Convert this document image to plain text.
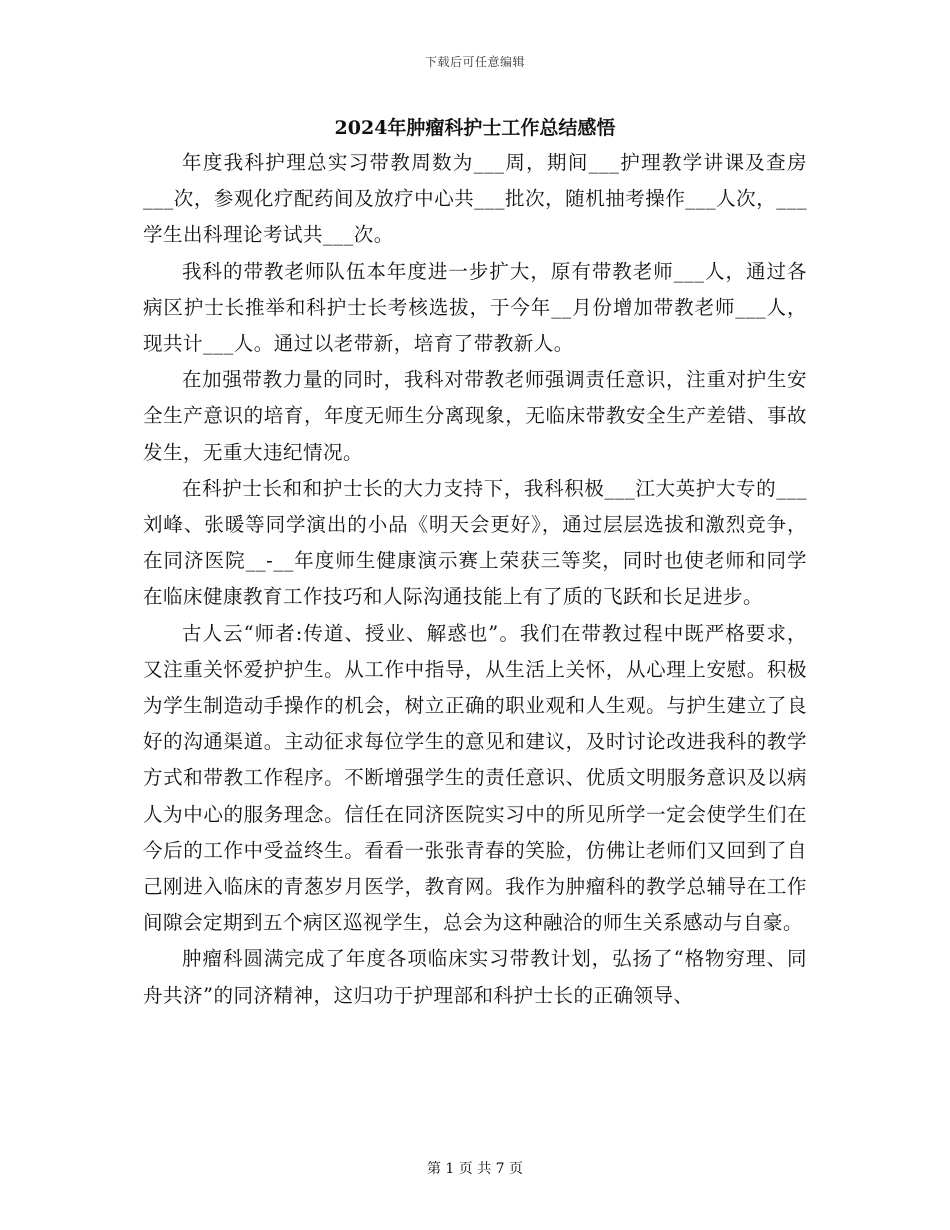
下载后可任意编辑
2024年肿瘤科护士工作总结感悟

年度我科护理总实习带教周数为___周，期间___护理教学讲课及查房___次，参观化疗配药间及放疗中心共___批次，随机抽考操作___人次，___学生出科理论考试共___次。

我科的带教老师队伍本年度进一步扩大，原有带教老师___人，通过各病区护士长推举和科护士长考核选拔，于今年__月份增加带教老师___人，现共计___人。通过以老带新，培育了带教新人。

在加强带教力量的同时，我科对带教老师强调责任意识，注重对护生安全生产意识的培育，年度无师生分离现象，无临床带教安全生产差错、事故发生，无重大违纪情况。

在科护士长和和护士长的大力支持下，我科积极___江大英护大专的___刘峰、张暖等同学演出的小品《明天会更好》，通过层层选拔和激烈竞争，在同济医院__-__年度师生健康演示赛上荣获三等奖，同时也使老师和同学在临床健康教育工作技巧和人际沟通技能上有了质的飞跃和长足进步。

古人云“师者:传道、授业、解惑也”。我们在带教过程中既严格要求，又注重关怀爱护护生。从工作中指导，从生活上关怀，从心理上安慰。积极为学生制造动手操作的机会，树立正确的职业观和人生观。与护生建立了良好的沟通渠道。主动征求每位学生的意见和建议，及时讨论改进我科的教学方式和带教工作程序。不断增强学生的责任意识、优质文明服务意识及以病人为中心的服务理念。信任在同济医院实习中的所见所学一定会使学生们在今后的工作中受益终生。看看一张张青春的笑脸，仿佛让老师们又回到了自己刚进入临床的青葱岁月医学，教育网。我作为肿瘤科的教学总辅导在工作间隙会定期到五个病区巡视学生，总会为这种融洽的师生关系感动与自豪。

肿瘤科圆满完成了年度各项临床实习带教计划，弘扬了“格物穷理、同舟共济”的同济精神，这归功于护理部和科护士长的正确领导、

第 1 页 共 7 页
